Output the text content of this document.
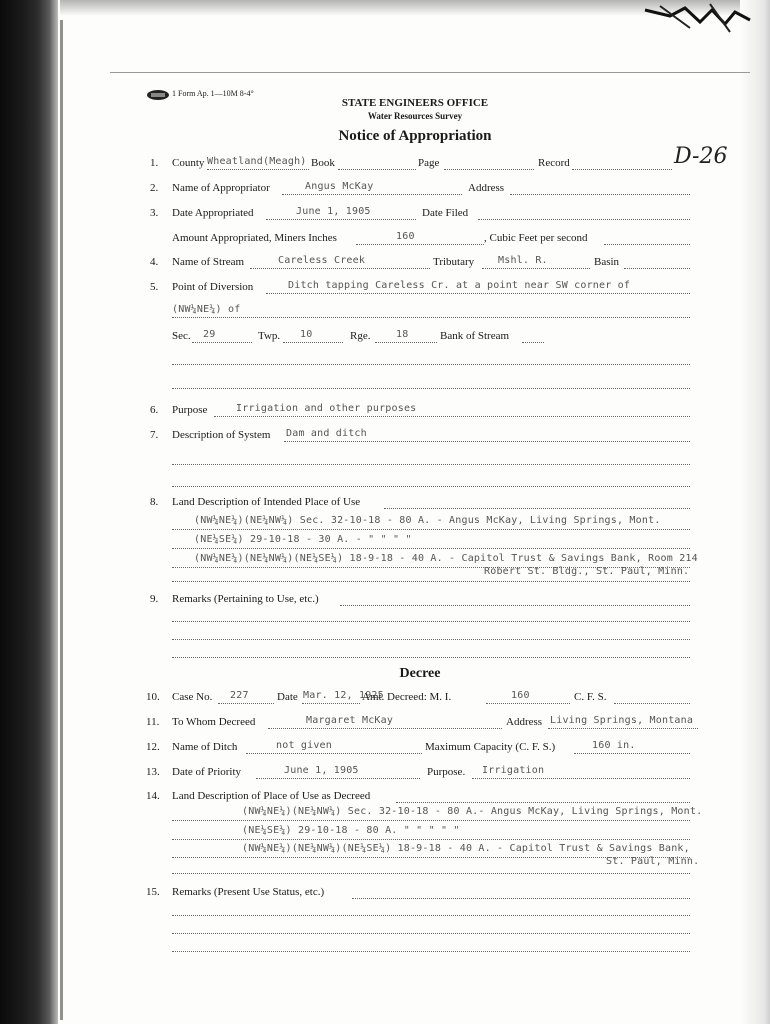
1 Form Ap. 1—10M 8-4°
STATE ENGINEERS OFFICE
Water Resources Survey
Notice of Appropriation
D-26
1. County Wheatland(Meagh) Book	Page	Record
2. Name of Appropriator	Angus McKay	Address
3. Date Appropriated	June 1, 1905	Date Filed
Amount Appropriated, Miners Inches	160	, Cubic Feet per second
4. Name of Stream	Careless Creek	Tributary Mshl. R.	Basin
5. Point of Diversion	Ditch tapping Careless Cr. at a point near SW corner of
(NW¼NE¼) of
Sec. 29	Twp. 10	Rge.	18	Bank of Stream
6. Purpose	Irrigation and other purposes
7. Description of System Dam and ditch
8. Land Description of Intended Place of Use
(NW¼NE¼)(NE¼NW¼) Sec. 32-10-18 - 80 A. - Angus McKay, Living Springs, Mont.
(NE¼SE¼) 29-10-18 - 30 A. - " " " "
(NW¼NE¼)(NE¼NW¼)(NE¼SE¼) 18-9-18 - 40 A. - Capitol Trust & Savings Bank, Room 214
Robert St. Bldg., St. Paul, Minn.
9. Remarks (Pertaining to Use, etc.)
Decree
10. Case No. 227	Date Mar. 12, 1925
Amt. Decreed: M. I.	160	C. F. S.
11. To Whom Decreed	Margaret McKay	Address Living Springs, Montana
12. Name of Ditch	not given	Maximum Capacity (C. F. S.)	160 in.
13. Date of Priority	June 1, 1905	Purpose. Irrigation
14. Land Description of Place of Use as Decreed
(NW¼NE¼)(NE¼NW¼) Sec. 32-10-18 - 80 A.- Angus McKay, Living Springs, Mont.
(NE¼SE¼) 29-10-18 - 80 A. " " " " "
(NW¼NE¼)(NE¼NW¼)(NE¼SE¼) 18-9-18 - 40 A. - Capitol Trust & Savings Bank,
St. Paul, Minn.
15. Remarks (Present Use Status, etc.)
